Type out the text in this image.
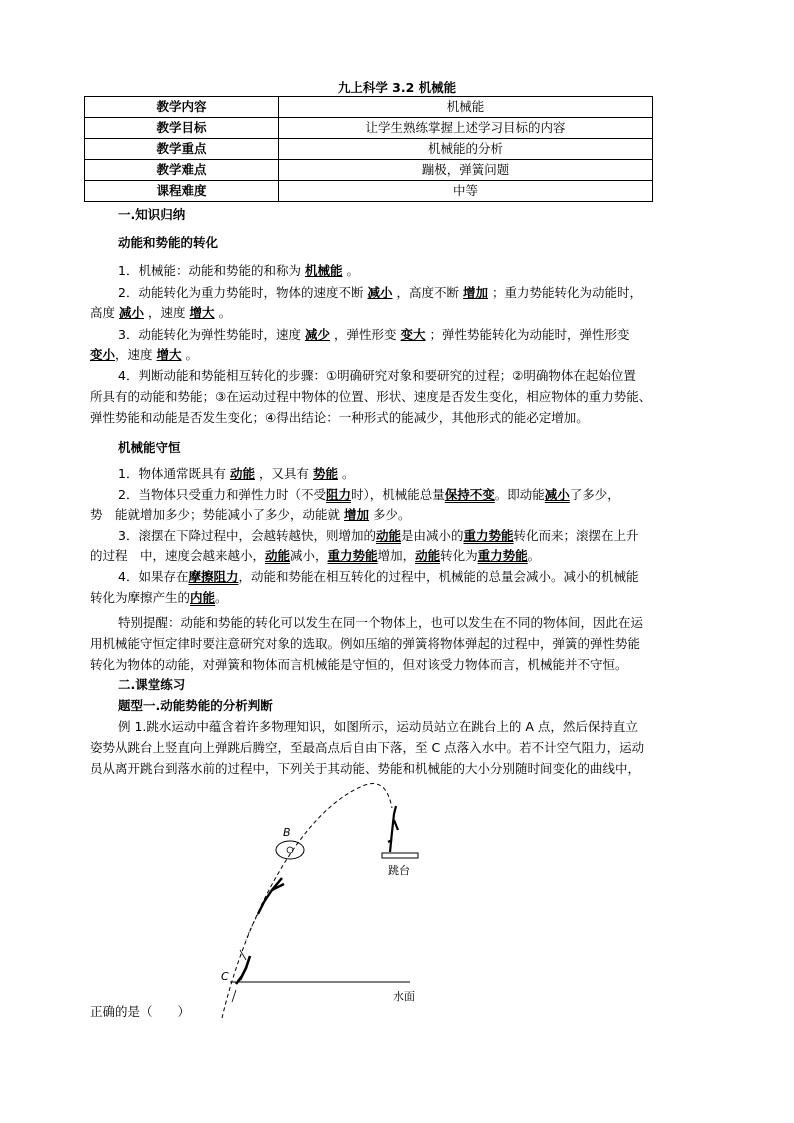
九上科学 3.2 机械能
教学内容	机械能
教学目标	让学生熟练掌握上述学习目标的内容
教学重点	机械能的分析
教学难点	蹦极，弹簧问题
课程难度	中等
一.知识归纳
动能和势能的转化
1．机械能：动能和势能的和称为 机械能 。
2．动能转化为重力势能时，物体的速度不断 减小 ，高度不断 增加 ；重力势能转化为动能时，
高度 减小 ，速度 增大 。
3．动能转化为弹性势能时，速度 减少 ，弹性形变 变大 ；弹性势能转化为动能时，弹性形变
变小，速度 增大 。
4．判断动能和势能相互转化的步骤：①明确研究对象和要研究的过程；②明确物体在起始位置
所具有的动能和势能；③在运动过程中物体的位置、形状、速度是否发生变化，相应物体的重力势能、
弹性势能和动能是否发生变化；④得出结论：一种形式的能减少，其他形式的能必定增加。
机械能守恒
1．物体通常既具有 动能 ，又具有 势能 。
2．当物体只受重力和弹性力时（不受阻力时），机械能总量保持不变。即动能减小了多少，
势　能就增加多少；势能减小了多少，动能就 增加 多少。
3．滚摆在下降过程中，会越转越快，则增加的动能是由减小的重力势能转化而来；滚摆在上升
的过程　中，速度会越来越小，动能减小，重力势能增加，动能转化为重力势能。
4．如果存在摩擦阻力，动能和势能在相互转化的过程中，机械能的总量会减小。减小的机械能
转化为摩擦产生的内能。
特别提醒：动能和势能的转化可以发生在同一个物体上，也可以发生在不同的物体间，因此在运
用机械能守恒定律时要注意研究对象的选取。例如压缩的弹簧将物体弹起的过程中，弹簧的弹性势能
转化为物体的动能，对弹簧和物体而言机械能是守恒的，但对该受力物体而言，机械能并不守恒。
二.课堂练习
题型一.动能势能的分析判断
例 1.跳水运动中蕴含着许多物理知识，如图所示，运动员站立在跳台上的 A 点，然后保持直立
姿势从跳台上竖直向上弹跳后腾空，至最高点后自由下落，至 C 点落入水中。若不计空气阻力，运动
员从离开跳台到落水前的过程中，下列关于其动能、势能和机械能的大小分别随时间变化的曲线中，
B
C
跳台
水面
正确的是（　　）
